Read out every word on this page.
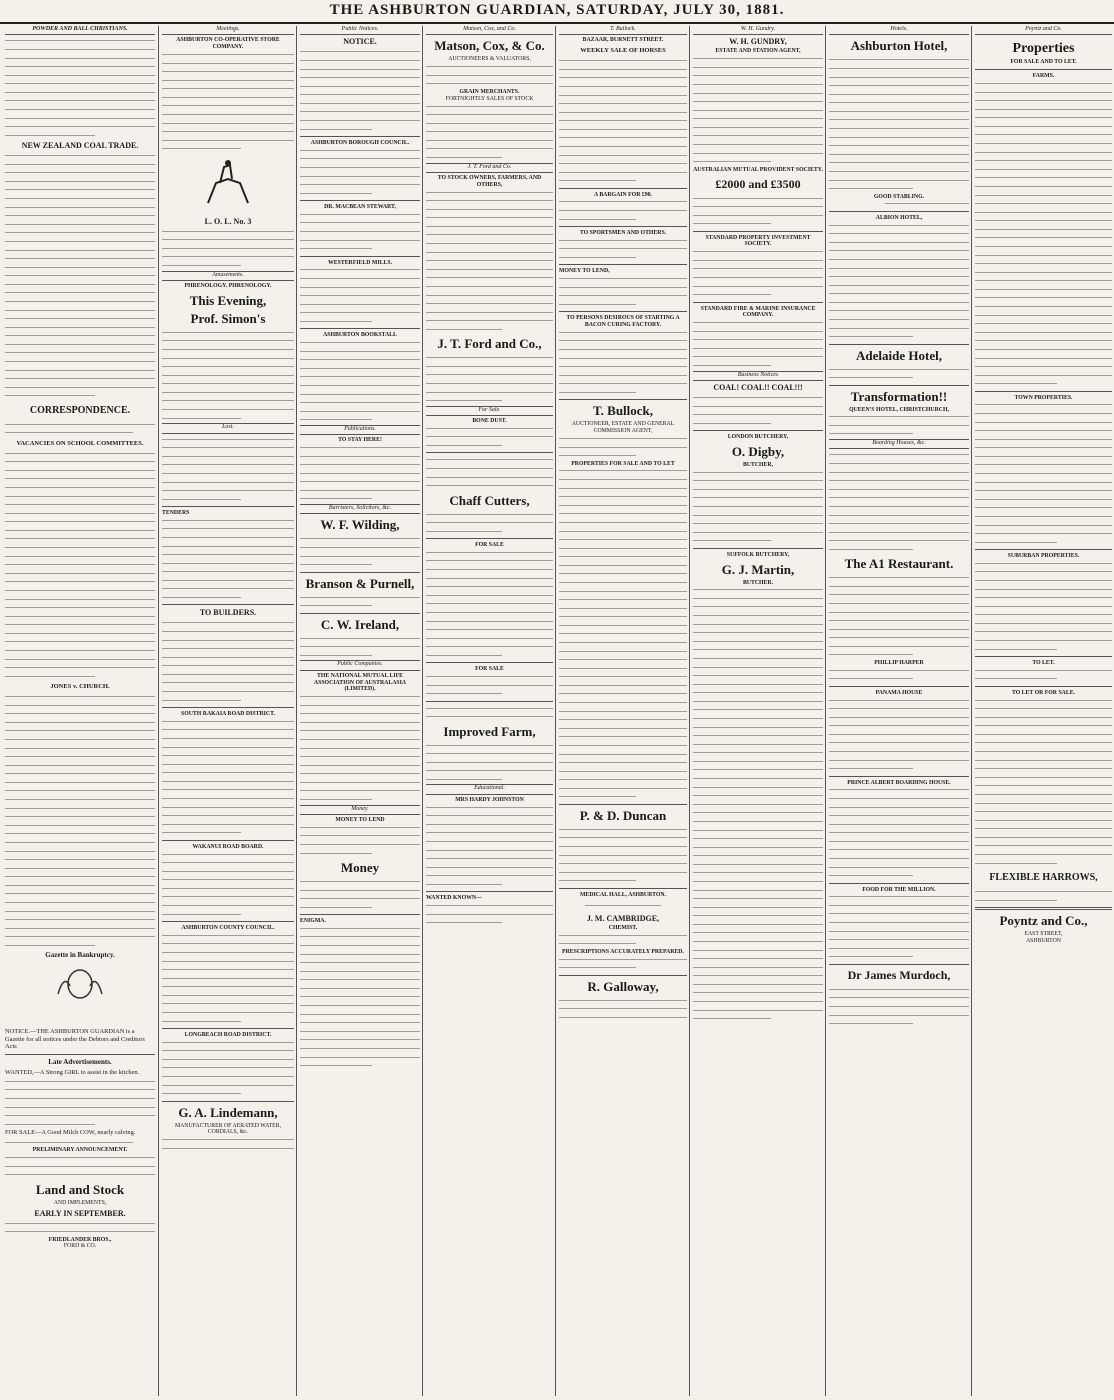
THE ASHBURTON GUARDIAN, SATURDAY, JULY 30, 1881.
POWDER AND BALL CHRISTIANS.
NEW ZEALAND COAL TRADE.
CORRESPONDENCE.
VACANCIES ON SCHOOL COMMITTEES.
JONES v. CHURCH.
Gazette in Bankruptcy.
NOTICE.—THE ASHBURTON GUARDIAN is a Gazette for all notices under the Debtors and Creditors Acts
Late Advertisements.
WANTED,—A Strong GIRL to assist in the kitchen.
FOR SALE—A Good Milch COW, nearly calving.
PRELIMINARY ANNOUNCEMENT.
Land and Stock
AND IMPLEMENTS,
EARLY IN SEPTEMBER.
FRIEDLANDER BROS.,
FORD & CO.
Meetings.
ASHBURTON CO-OPERATIVE STORE COMPANY.
L. O. L. No. 3
Amusements.
PHRENOLOGY. PHRENOLOGY.
This Evening,
Prof. Simon's
Lost.
TENDERS
TO BUILDERS.
SOUTH RAKAIA ROAD DISTRICT.
WAKANUI ROAD BOARD.
ASHBURTON COUNTY COUNCIL.
LONGBEACH ROAD DISTRICT.
G. A. Lindemann,
MANUFACTURER OF AERATED WATER, CORDIALS, &c.
Public Notices.
NOTICE.
ASHBURTON BOROUGH COUNCIL.
DR. MACBEAN STEWART,
WESTERFIELD MILLS.
ASHBURTON BOOKSTALL
Publications.
TO STAY HERE!
Barristers, Solicitors, &c.
W. F. Wilding,
Branson & Purnell,
C. W. Ireland,
Public Companies.
THE NATIONAL MUTUAL LIFE ASSOCIATION OF AUSTRALASIA (LIMITED).
Money.
MONEY TO LEND
Money
ENIGMA.
Matson, Cox, and Co.
Matson, Cox, & Co.
AUCTIONEERS & VALUATORS,
GRAIN MERCHANTS.
FORTNIGHTLY SALES OF STOCK
J. T. Ford and Co.
TO STOCK OWNERS, FARMERS, AND OTHERS,
J. T. Ford and Co.,
For Sale.
BONE DUST.
Chaff Cutters,
FOR SALE
FOR SALE
Improved Farm,
Educational.
MRS HARDY JOHNSTON
WANTED KNOWN—
T. Bullock.
BAZAAR, BURNETT STREET.
WEEKLY SALE OF HORSES
A BARGAIN FOR £90.
TO SPORTSMEN AND OTHERS.
MONEY TO LEND,
TO PERSONS DESIROUS OF STARTING A BACON CURING FACTORY.
T. Bullock,
AUCTIONEER, ESTATE AND GENERAL COMMISSION AGENT,
PROPERTIES FOR SALE AND TO LET
P. & D. Duncan
MEDICAL HALL, ASHBURTON.
J. M. CAMBRIDGE,
CHEMIST.
PRESCRIPTIONS ACCURATELY PREPARED.
R. Galloway,
W. H. Gundry.
W. H. GUNDRY,
ESTATE AND STATION AGENT,
AUSTRALIAN MUTUAL PROVIDENT SOCIETY.
£2000 and £3500
STANDARD PROPERTY INVESTMENT SOCIETY.
STANDARD FIRE & MARINE INSURANCE COMPANY.
Business Notices
COAL! COAL!! COAL!!!
LONDON BUTCHERY,
O. Digby,
BUTCHER,
SUFFOLK BUTCHERY,
G. J. Martin,
BUTCHER.
Hotels.
Ashburton Hotel,
GOOD STABLING.
ALBION HOTEL,
Adelaide Hotel,
Transformation!!
QUEEN'S HOTEL, CHRISTCHURCH,
Boarding Houses, &c.
The A1 Restaurant.
PHILLIP HARPER
PANAMA HOUSE
PRINCE ALBERT BOARDING HOUSE.
FOOD FOR THE MILLION.
Dr James Murdoch,
Poyntz and Co.
Properties
FOR SALE AND TO LET.
FARMS.
TOWN PROPERTIES.
SUBURBAN PROPERTIES.
TO LET.
TO LET OR FOR SALE.
FLEXIBLE HARROWS,
Poyntz and Co.,
EAST STREET,
ASHBURTON
